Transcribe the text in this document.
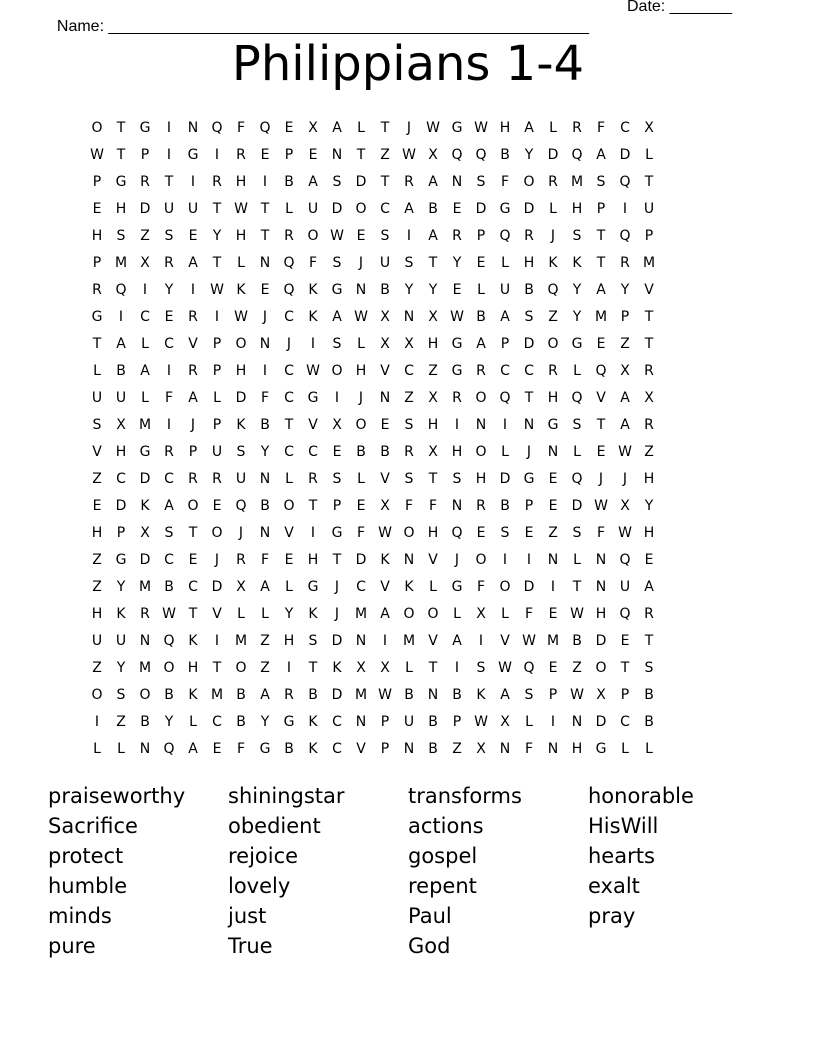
Name: ______________________________________________________

Date: _______

Philippians 1-4
O	T	G	I	N Q	F	Q	E	X	A	L	T	J	W G W H A	L	R	F	C	X
W T	P	I	G	I	R	E	P	E	N	T	Z W X Q Q B	Y	D Q A D	L
P	G R	T	I	R H	I	B	A	S	D	T	R	A N	S	F	O R M S	Q	T
E	H D U U	T W T	L	U D O C	A	B	E	D G D	L	H	P	I	U
H	S	Z	S	E	Y	H	T	R O W E	S	I	A	R	P	Q R	J	S	T	Q	P
P M X	R	A	T	L	N Q	F	S	J	U	S	T	Y	E	L	H	K	K	T	R M
R Q	I	Y	I	W K	E	Q K G N B	Y	Y	E	L	U	B Q	Y	A	Y	V
G	I	C	E	R	I	W	J	C	K	A W X N X W B	A	S	Z	Y M P	T
T	A	L	C	V	P	O N	J	I	S	L	X	X H G A	P	D O G	E	Z	T
L	B	A	I	R	P	H	I	C W O H V	C	Z G R	C	C	R	L	Q X	R
U U	L	F	A	L	D	F	C G	I	J	N Z	X	R O Q	T	H Q V	A	X
S	X M	I	J	P	K	B	T	V	X O	E	S	H	I	N	I	N G	S	T	A	R
V H G R	P	U	S	Y	C	C	E	B	B	R	X H O	L	J	N	L	E W Z
Z	C D C	R	R	U N	L	R	S	L	V	S	T	S	H D G	E	Q	J	J	H
E	D	K	A O	E	Q B O	T	P	E	X	F	F	N R	B	P	E	D W X	Y
H	P	X	S	T	O	J	N V	I	G	F W O H Q	E	S	E	Z	S	F W H
Z G D C	E	J	R	F	E	H	T	D	K	N V	J	O	I	I	N	L	N Q	E
Z	Y M B	C D X	A	L	G	J	C	V	K	L	G	F	O D	I	T	N U	A
H	K	R W T	V	L	L	Y	K	J	M A O O	L	X	L	F	E W H Q R
U U N Q K	I	M Z H	S	D N	I	M V	A	I	V W M B D	E	T
Z	Y M O H	T	O Z	I	T	K	X	X	L	T	I	S W Q	E	Z O	T	S
O	S	O B	K M B	A	R	B D M W B N B	K	A	S	P W X	P	B
I	Z	B	Y	L	C	B	Y	G K	C N	P	U	B	P W X	L	I	N D C	B
L	L	N Q A	E	F	G B	K	C	V	P	N B	Z	X N	F	N H G	L	L
praiseworthy	shiningstar	transforms	honorable
Sacrifice	obedient	actions	HisWill
protect	rejoice	gospel	hearts
humble	lovely	repent	exalt
minds	just	Paul	pray
pure	True	God
